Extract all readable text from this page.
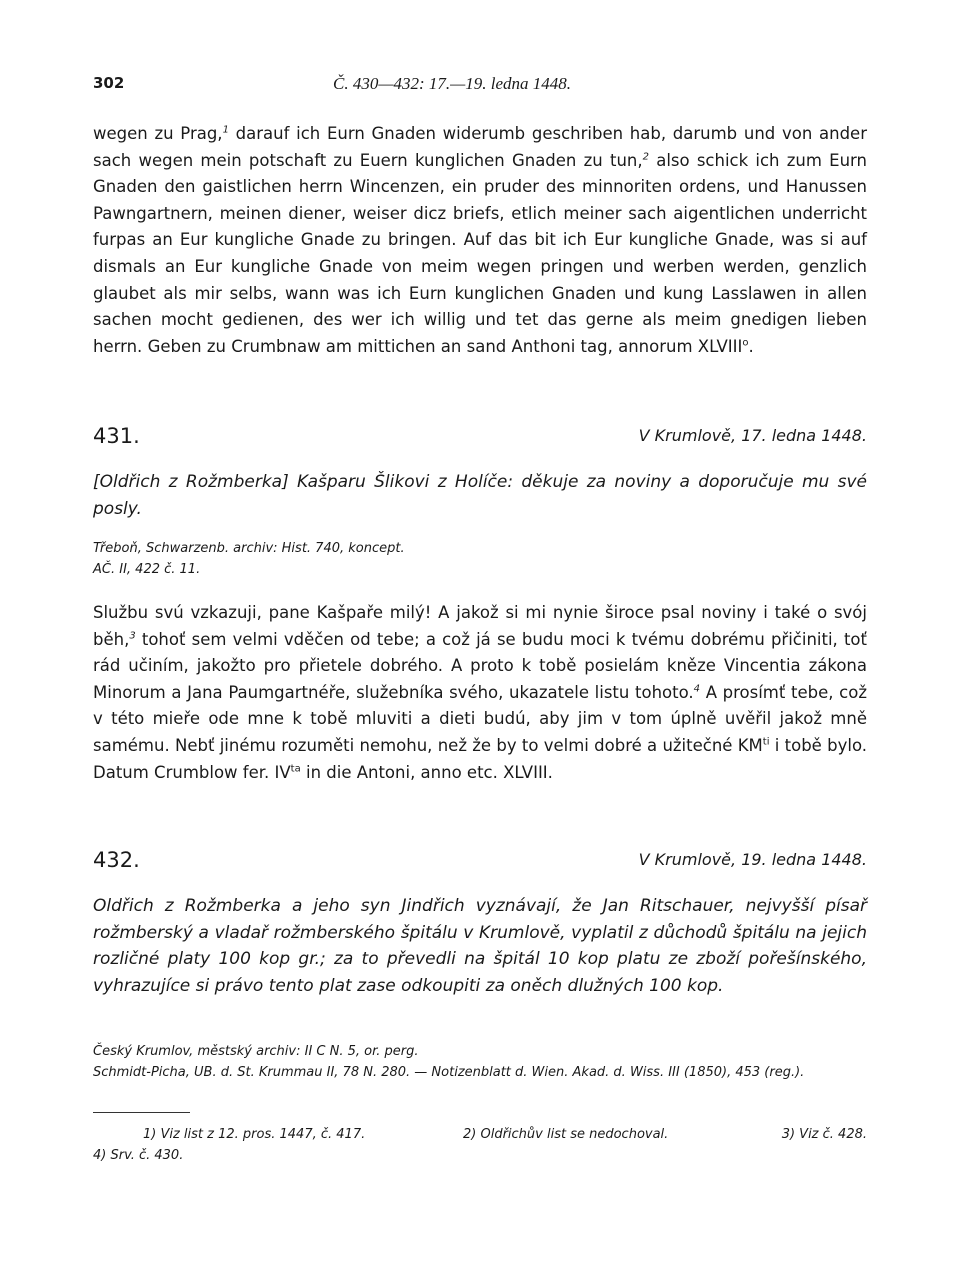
302	Č. 430—432: 17.—19. ledna 1448.
wegen zu Prag,$^1$ darauf ich Eurn Gnaden widerumb geschriben hab, darumb und von ander sach wegen mein potschaft zu Euern kunglichen Gnaden zu tun,$^2$ also schick ich zum Eurn Gnaden den gaistlichen herrn Wincenzen, ein pruder des minnoriten ordens, und Hanussen Pawngartnern, meinen diener, weiser dicz briefs, etlich meiner sach aigentlichen underricht furpas an Eur kungliche Gnade zu bringen. Auf das bit ich Eur kungliche Gnade, was si auf dismals an Eur kungliche Gnade von meim wegen pringen und werben werden, genzlich glaubet als mir selbs, wann was ich Eurn kunglichen Gnaden und kung Lasslawen in allen sachen mocht gedienen, des wer ich willig und tet das gerne als meim gnedigen lieben herrn. Geben zu Crumbnaw am mittichen an sand Anthoni tag, annorum XLVIII$^o$.
431.	V Krumlově, 17. ledna 1448.
[Oldřich z Rožmberka] Kašparu Šlikovi z Holíče: děkuje za noviny a doporučuje mu své posly.
Třeboň, Schwarzenb. archiv: Hist. 740, koncept.
AČ. II, 422 č. 11.
Službu svú vzkazuji, pane Kašpaře milý! A jakož si mi nynie široce psal noviny i také o svój běh,$^3$ tohoť sem velmi vděčen od tebe; a což já se budu moci k tvému dobrému přičiniti, toť rád učiním, jakožto pro přietele dobrého. A proto k tobě posielám kněze Vincentia zákona Minorum a Jana Paumgartnéře, služebníka svého, ukazatele listu tohoto.$^4$ A prosímť tebe, což v této mieře ode mne k tobě mluviti a dieti budú, aby jim v tom úplně uvěřil jakož mně samému. Nebť jinému rozuměti nemohu, než že by to velmi dobré a užitečné $KM^{ti}$ i tobě bylo. Datum Crumblow fer. $IV^{ta}$ in die Antoni, anno etc. XLVIII.
432.	V Krumlově, 19. ledna 1448.
Oldřich z Rožmberka a jeho syn Jindřich vyznávají, že Jan Ritschauer, nejvyšší písař rožmberský a vladař rožmberského špitálu v Krumlově, vyplatil z důchodů špitálu na jejich rozličné platy 100 kop gr.; za to převedli na špitál 10 kop platu ze zboží pořešínského, vyhrazujíce si právo tento plat zase odkoupiti za oněch dlužných 100 kop.
Český Krumlov, městský archiv: II C N. 5, or. perg.
Schmidt-Picha, UB. d. St. Krummau II, 78 N. 280. — Notizenblatt d. Wien. Akad. d. Wiss. III (1850), 453 (reg.).
1) Viz list z 12. pros. 1447, č. 417.	2) Oldřichův list se nedochoval.	3) Viz č. 428.
4) Srv. č. 430.
